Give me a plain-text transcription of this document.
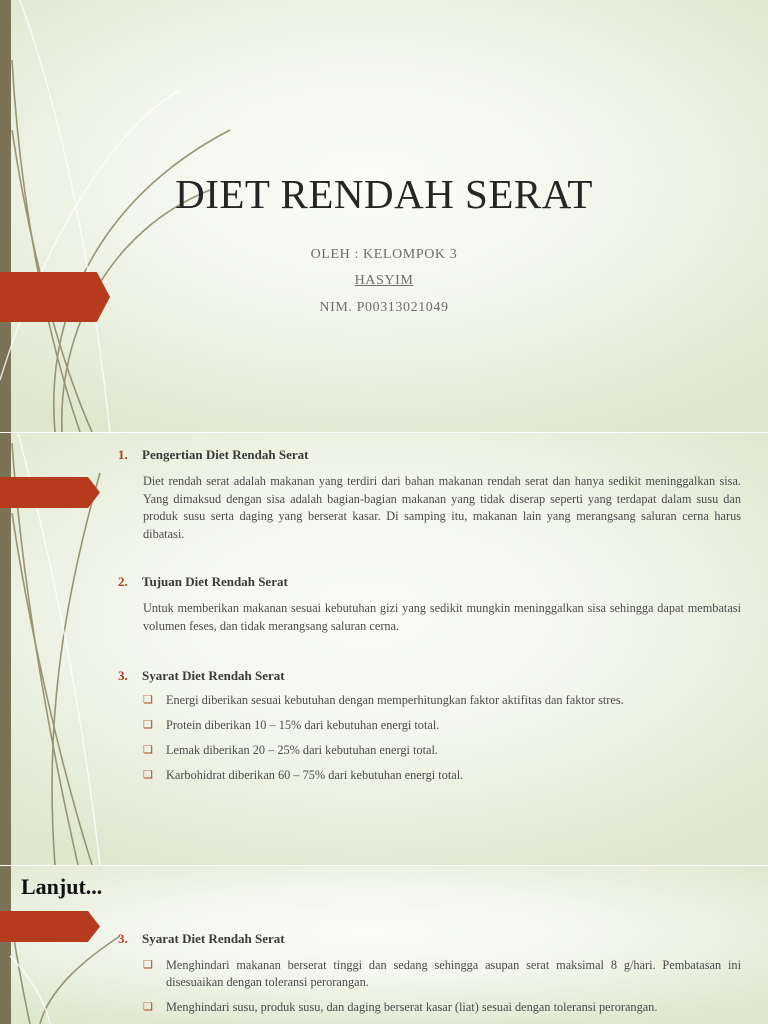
DIET RENDAH SERAT
OLEH : KELOMPOK 3
HASYIM
NIM. P00313021049
1. Pengertian Diet Rendah Serat
Diet rendah serat adalah makanan yang terdiri dari bahan makanan rendah serat dan hanya sedikit meninggalkan sisa. Yang dimaksud dengan sisa adalah bagian-bagian makanan yang tidak diserap seperti yang terdapat dalam susu dan produk susu serta daging yang berserat kasar. Di samping itu, makanan lain yang merangsang saluran cerna harus dibatasi.
2. Tujuan Diet Rendah Serat
Untuk memberikan makanan sesuai kebutuhan gizi yang sedikit mungkin meninggalkan sisa sehingga dapat membatasi volumen feses, dan tidak merangsang saluran cerna.
3. Syarat Diet Rendah Serat
❏ Energi diberikan sesuai kebutuhan dengan memperhitungkan faktor aktifitas dan faktor stres.
❏ Protein diberikan 10 – 15% dari kebutuhan energi total.
❏ Lemak diberikan 20 – 25% dari kebutuhan energi total.
❏ Karbohidrat diberikan 60 – 75% dari kebutuhan energi total.
Lanjut...
3. Syarat Diet Rendah Serat
❏ Menghindari makanan berserat tinggi dan sedang sehingga asupan serat maksimal 8 g/hari. Pembatasan ini disesuaikan dengan toleransi perorangan.
❏ Menghindari susu, produk susu, dan daging berserat kasar (liat) sesuai dengan toleransi perorangan.
